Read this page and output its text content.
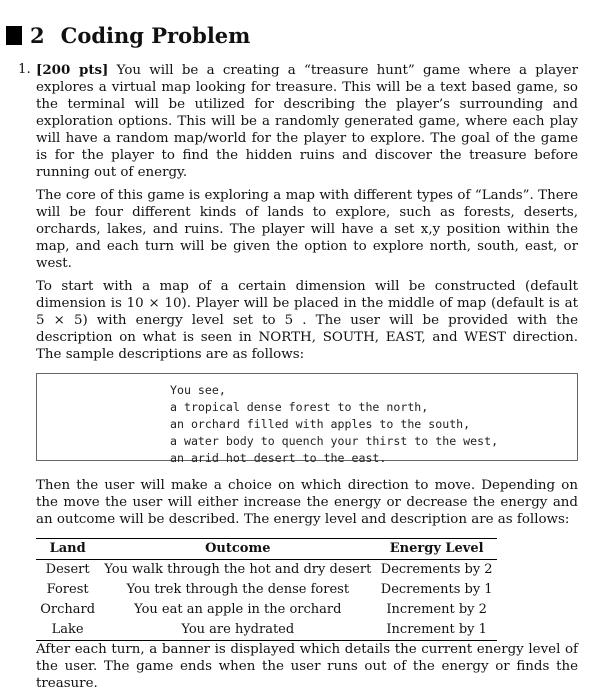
2 Coding Problem
1. [200 pts] You will be a creating a “treasure hunt” game where a player explores a virtual map looking for treasure. This will be a text based game, so the terminal will be utilized for describing the player’s surrounding and exploration options. This will be a randomly generated game, where each play will have a random map/world for the player to explore. The goal of the game is for the player to find the hidden ruins and discover the treasure before running out of energy.

The core of this game is exploring a map with different types of “Lands”. There will be four different kinds of lands to explore, such as forests, deserts, orchards, lakes, and ruins. The player will have a set x,y position within the map, and each turn will be given the option to explore north, south, east, or west.

To start with a map of a certain dimension will be constructed (default dimension is 10 × 10). Player will be placed in the middle of map (default is at 5 × 5) with energy level set to 5 . The user will be provided with the description on what is seen in NORTH, SOUTH, EAST, and WEST direction. The sample descriptions are as follows:

You see,
a tropical dense forest to the north,
an orchard filled with apples to the south,
a water body to quench your thirst to the west,
an arid hot desert to the east.

Then the user will make a choice on which direction to move. Depending on the move the user will either increase the energy or decrease the energy and an outcome will be described. The energy level and description are as follows:

Land	Outcome	Energy Level
Desert	You walk through the hot and dry desert	Decrements by 2
Forest	You trek through the dense forest	Decrements by 1
Orchard	You eat an apple in the orchard	Increment by 2
Lake	You are hydrated	Increment by 1

After each turn, a banner is displayed which details the current energy level of the user. The game ends when the user runs out of the energy or finds the treasure.
